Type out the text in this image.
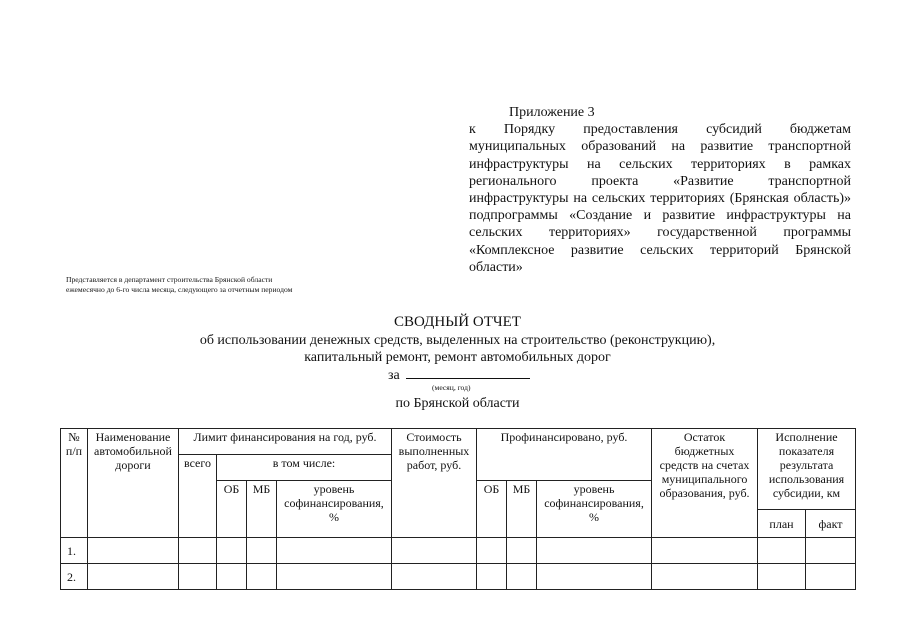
Приложение 3
к Порядку предоставления субсидий бюджетам муниципальных образований на развитие транспортной инфраструктуры на сельских территориях в рамках регионального проекта «Развитие транспортной инфраструктуры на сельских территориях (Брянская область)» подпрограммы «Создание и развитие инфраструктуры на сельских территориях» государственной программы «Комплексное развитие сельских территорий Брянской области»
Представляется в департамент строительства Брянской области
ежемесячно до 6-го числа месяца, следующего за отчетным периодом
СВОДНЫЙ ОТЧЕТ
об использовании денежных средств, выделенных на строительство (реконструкцию),
капитальный ремонт, ремонт автомобильных дорог
за
(месяц, год)
по Брянской области
№ п/п	Наименование автомобильной дороги	Лимит финансирования на год, руб.				Стоимость выполненных работ, руб.	Профинансировано, руб.			Остаток бюджетных средств на счетах муниципального образования, руб.	Исполнение показателя результата использования субсидии, км	
		всего	в том числе:									
			ОБ	МБ	уровень софинансирования, %		ОБ	МБ	уровень софинансирования, %			
											план	факт
1.												
2.												
